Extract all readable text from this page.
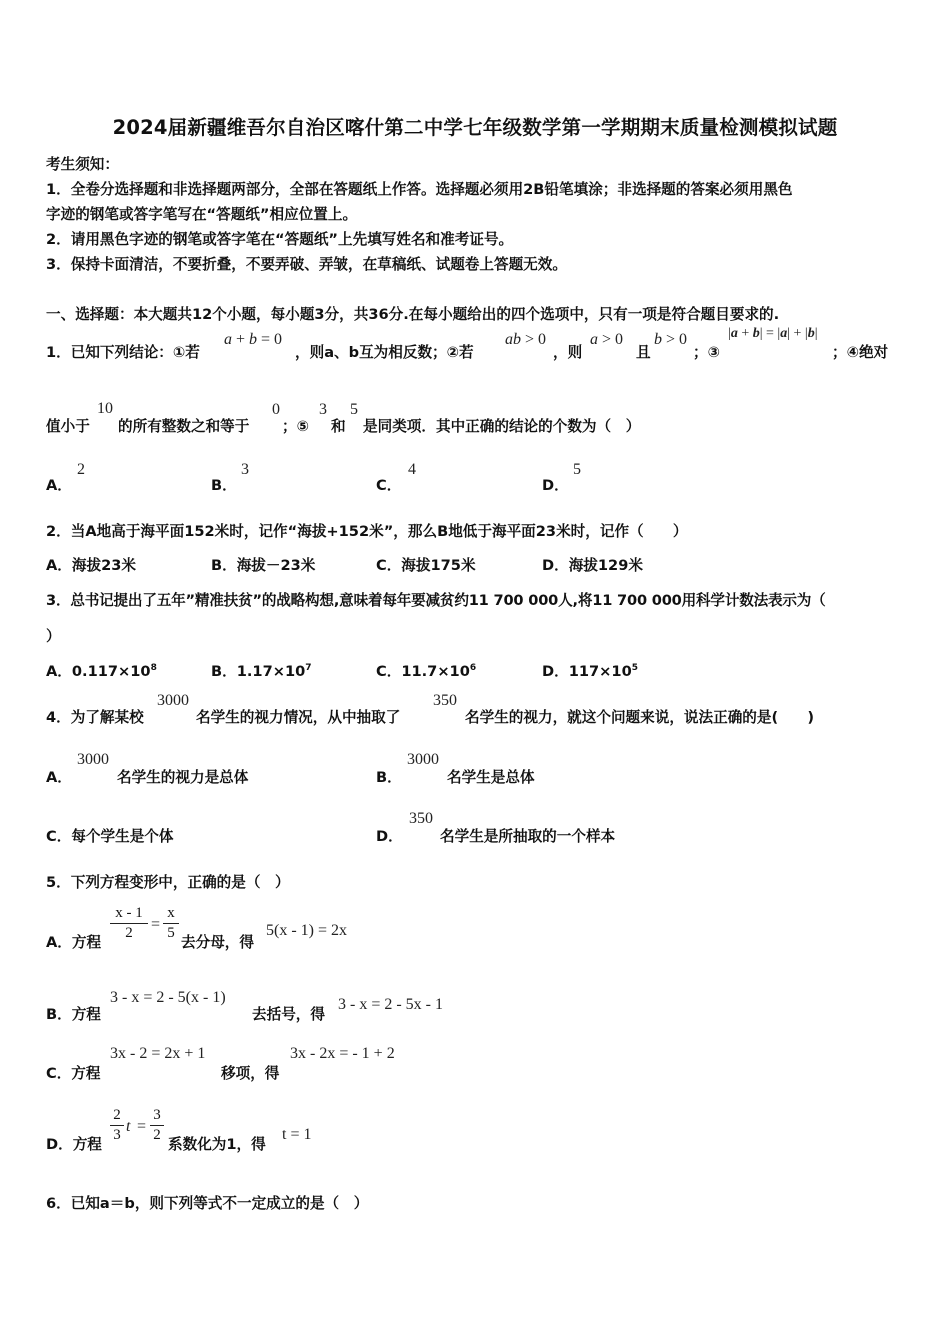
2024届新疆维吾尔自治区喀什第二中学七年级数学第一学期期末质量检测模拟试题
考生须知：
1．全卷分选择题和非选择题两部分，全部在答题纸上作答。选择题必须用2B铅笔填涂；非选择题的答案必须用黑色
字迹的钢笔或答字笔写在“答题纸”相应位置上。
2．请用黑色字迹的钢笔或答字笔在“答题纸”上先填写姓名和准考证号。
3．保持卡面清洁，不要折叠，不要弄破、弄皱，在草稿纸、试题卷上答题无效。
一、选择题：本大题共12个小题，每小题3分，共36分.在每小题给出的四个选项中，只有一项是符合题目要求的.
1．已知下列结论：①若
a + b = 0
，则a、b互为相反数；②若
ab > 0
，则
a > 0
且
b > 0
；③
|a + b| = |a| + |b|
；④绝对
值小于
10
的所有整数之和等于
0
；⑤
3
和
5
是同类项．其中正确的结论的个数为（　）
A．
2
B．
3
C．
4
D．
5
2．当A地高于海平面152米时，记作“海拔+152米”，那么B地低于海平面23米时，记作（　　）
A．海拔23米	B．海拔－23米	C．海拔175米	D．海拔129米
3．总书记提出了五年”精准扶贫”的战略构想,意味着每年要减贫约11 700 000人,将11 700 000用科学计数法表示为（
）
A．$0.117\times 10^8$	B．$1.17\times 10^7$	C．$11.7\times 10^6$	D．$117\times 10^5$
4．为了解某校
3000
名学生的视力情况，从中抽取了
350
名学生的视力，就这个问题来说，说法正确的是(　　)
A．
3000
名学生的视力是总体	B．
3000
名学生是总体
C．每个学生是个体	D．
350
名学生是所抽取的一个样本
5．下列方程变形中，正确的是（　）
A．方程
x - 1
2	=
x
5
去分母，得
5(x - 1) = 2x
B．方程
3 - x = 2 - 5(x - 1)
去括号，得
3 - x = 2 - 5x - 1
C．方程
3x - 2 = 2x + 1
移项，得
3x - 2x = - 1 + 2
D．方程
2
3 t =
3
2
系数化为1，得
t = 1
6．已知a＝b，则下列等式不一定成立的是（　）
